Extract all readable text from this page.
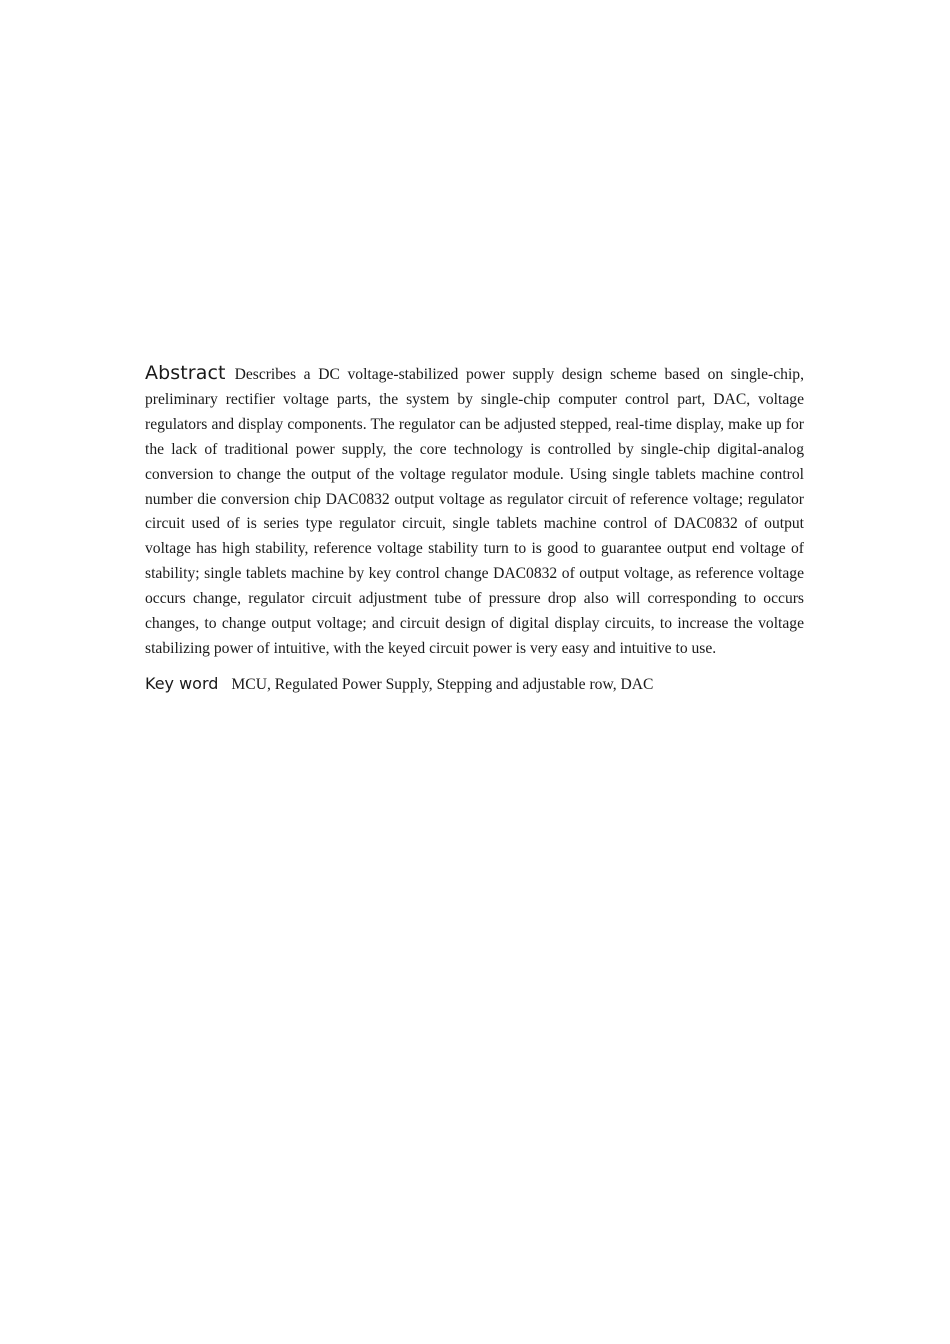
Abstract Describes a DC voltage-stabilized power supply design scheme based on single-chip, preliminary rectifier voltage parts, the system by single-chip computer control part, DAC, voltage regulators and display components. The regulator can be adjusted stepped, real-time display, make up for the lack of traditional power supply, the core technology is controlled by single-chip digital-analog conversion to change the output of the voltage regulator module. Using single tablets machine control number die conversion chip DAC0832 output voltage as regulator circuit of reference voltage; regulator circuit used of is series type regulator circuit, single tablets machine control of DAC0832 of output voltage has high stability, reference voltage stability turn to is good to guarantee output end voltage of stability; single tablets machine by key control change DAC0832 of output voltage, as reference voltage occurs change, regulator circuit adjustment tube of pressure drop also will corresponding to occurs changes, to change output voltage; and circuit design of digital display circuits, to increase the voltage stabilizing power of intuitive, with the keyed circuit power is very easy and intuitive to use.

Key word MCU, Regulated Power Supply, Stepping and adjustable row, DAC
